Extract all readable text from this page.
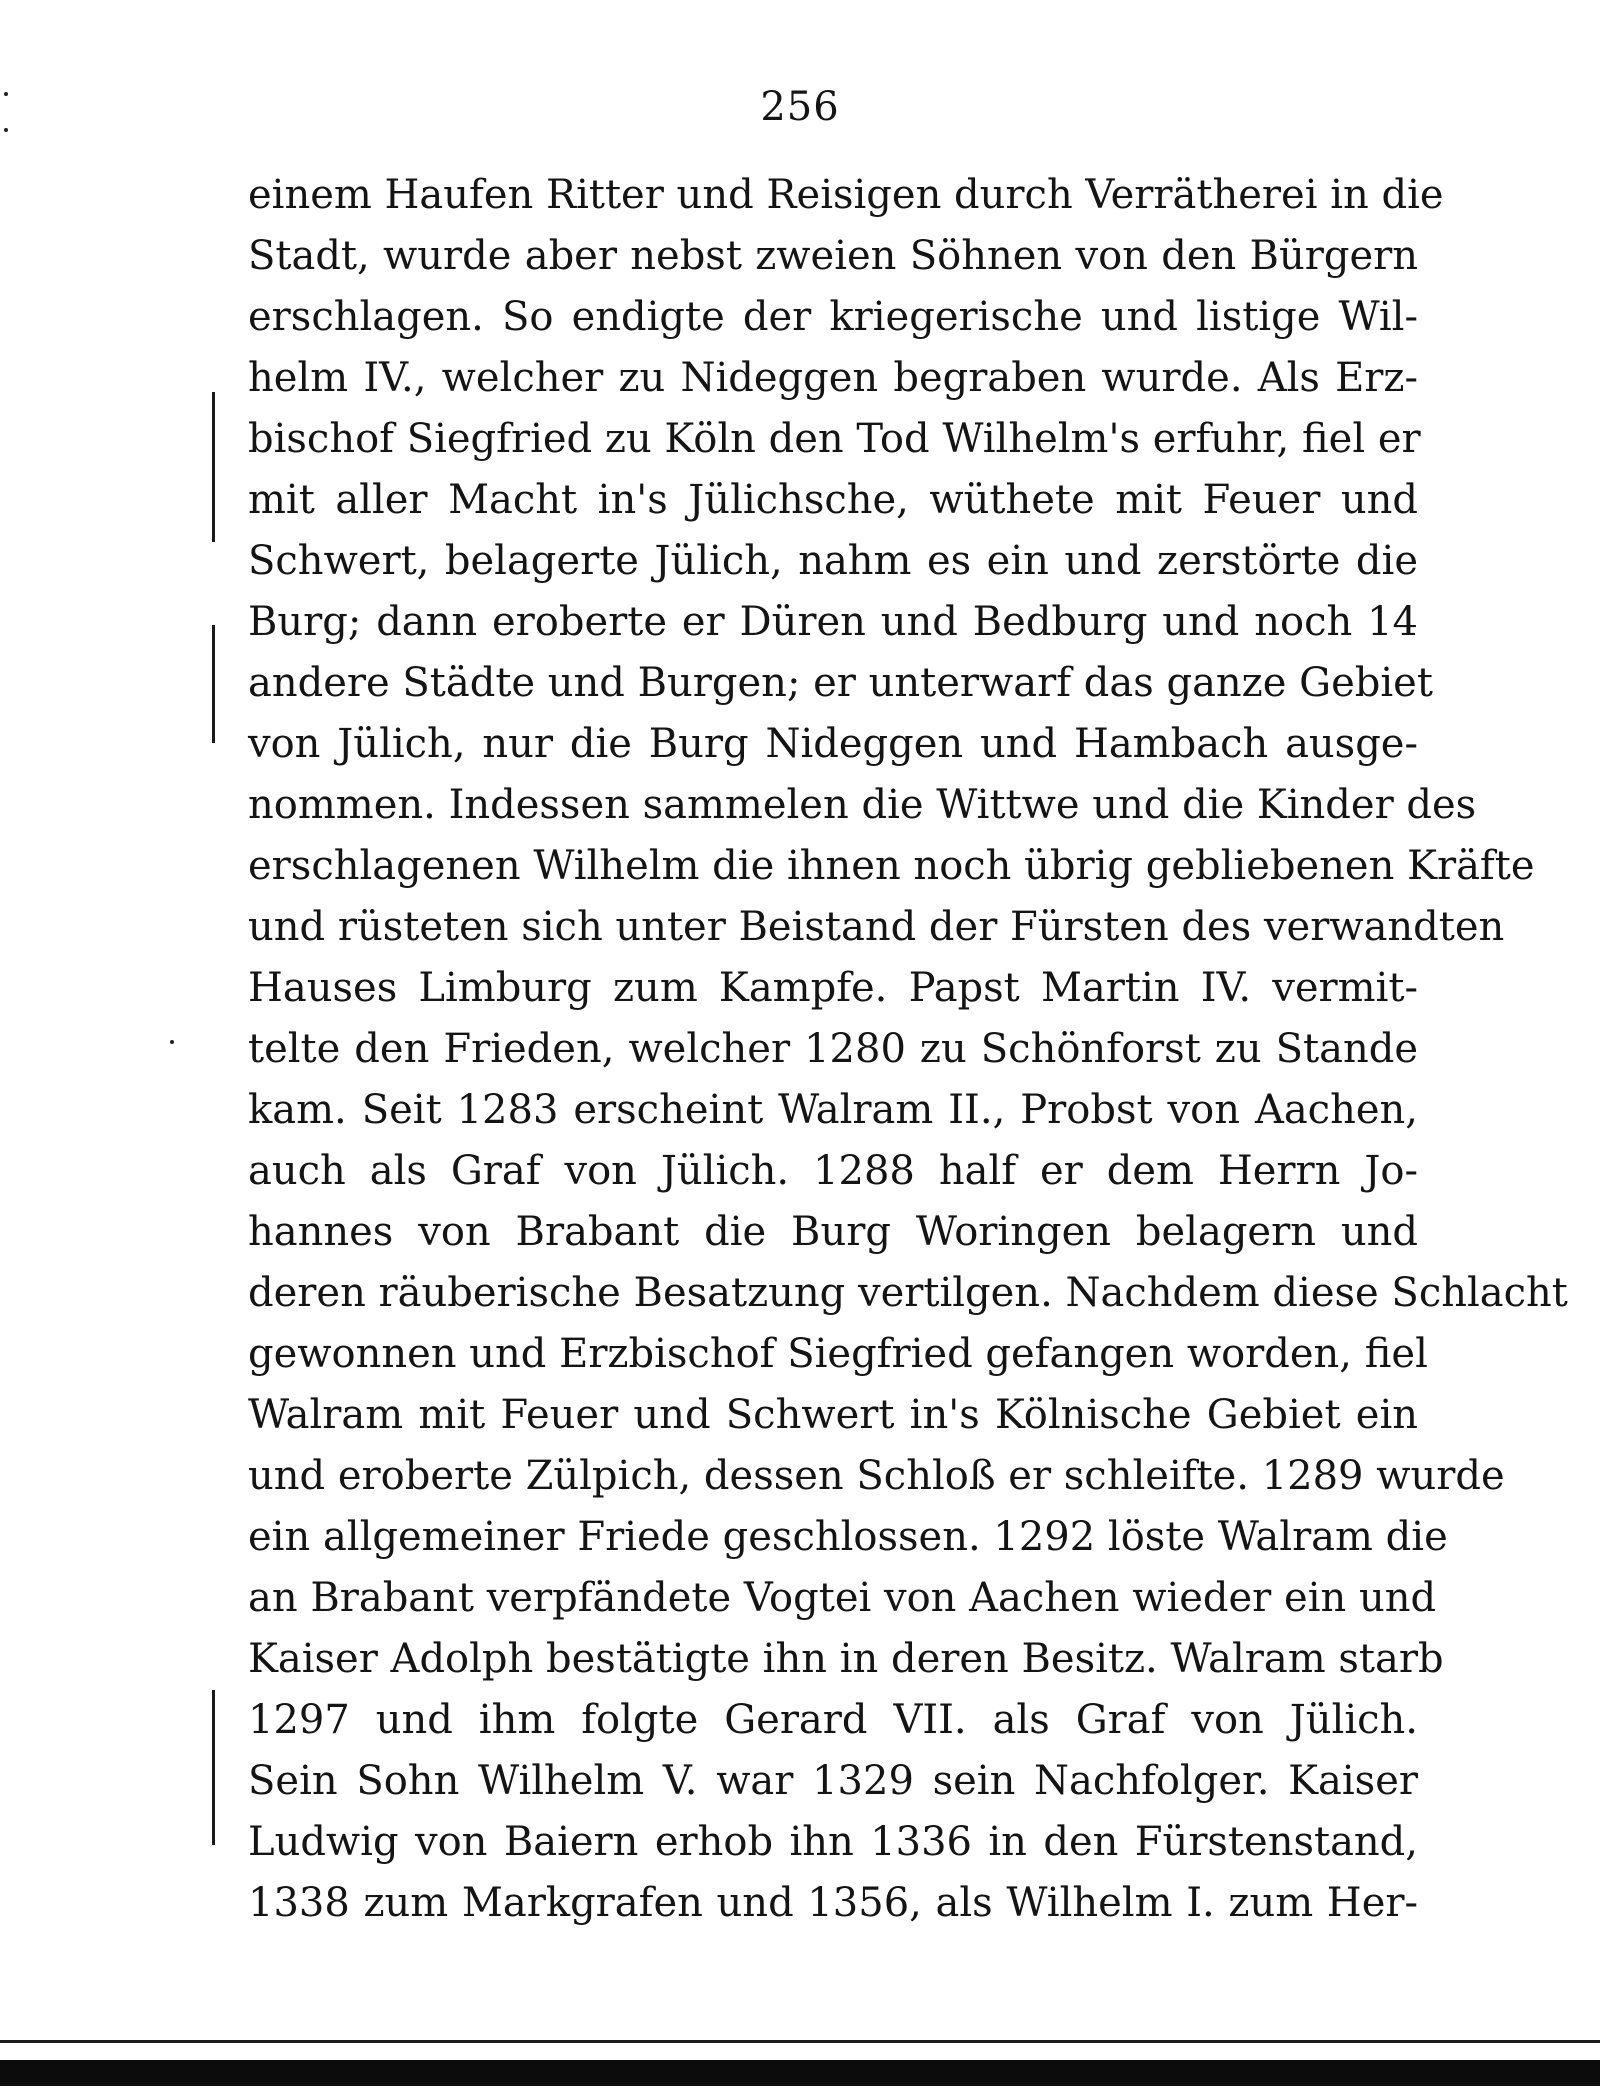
256
einem Haufen Ritter und Reisigen durch Verrätherei in die
Stadt, wurde aber nebst zweien Söhnen von den Bürgern
erschlagen. So endigte der kriegerische und listige Wil-
helm IV., welcher zu Nideggen begraben wurde. Als Erz-
bischof Siegfried zu Köln den Tod Wilhelm's erfuhr, fiel er
mit aller Macht in's Jülichsche, wüthete mit Feuer und
Schwert, belagerte Jülich, nahm es ein und zerstörte die
Burg; dann eroberte er Düren und Bedburg und noch 14
andere Städte und Burgen; er unterwarf das ganze Gebiet
von Jülich, nur die Burg Nideggen und Hambach ausge-
nommen. Indessen sammelen die Wittwe und die Kinder des
erschlagenen Wilhelm die ihnen noch übrig gebliebenen Kräfte
und rüsteten sich unter Beistand der Fürsten des verwandten
Hauses Limburg zum Kampfe. Papst Martin IV. vermit-
telte den Frieden, welcher 1280 zu Schönforst zu Stande
kam. Seit 1283 erscheint Walram II., Probst von Aachen,
auch als Graf von Jülich. 1288 half er dem Herrn Jo-
hannes von Brabant die Burg Woringen belagern und
deren räuberische Besatzung vertilgen. Nachdem diese Schlacht
gewonnen und Erzbischof Siegfried gefangen worden, fiel
Walram mit Feuer und Schwert in's Kölnische Gebiet ein
und eroberte Zülpich, dessen Schloß er schleifte. 1289 wurde
ein allgemeiner Friede geschlossen. 1292 löste Walram die
an Brabant verpfändete Vogtei von Aachen wieder ein und
Kaiser Adolph bestätigte ihn in deren Besitz. Walram starb
1297 und ihm folgte Gerard VII. als Graf von Jülich.
Sein Sohn Wilhelm V. war 1329 sein Nachfolger. Kaiser
Ludwig von Baiern erhob ihn 1336 in den Fürstenstand,
1338 zum Markgrafen und 1356, als Wilhelm I. zum Her-
